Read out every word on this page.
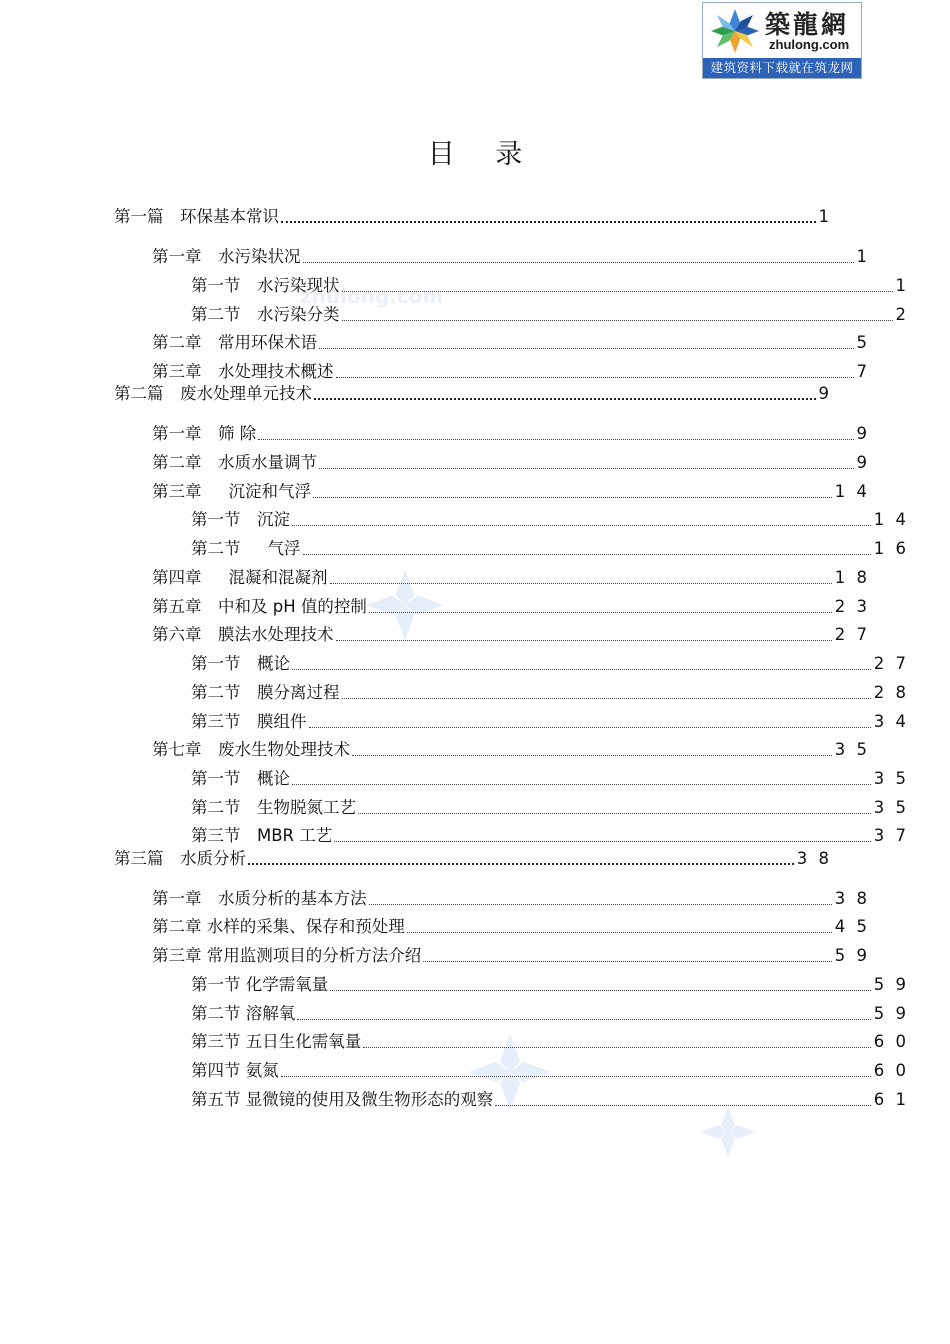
築龍網
zhulong.com
建筑资料下载就在筑龙网
zhulong.com
目 录
第一篇　环保基本常识	1
第一章　水污染状况	1
第一节　水污染现状	1
第二节　水污染分类	2
第二章　常用环保术语	5
第三章　水处理技术概述	7
第二篇　废水处理单元技术	9
第一章　筛 除	9
第二章　水质水量调节	9
第三章　  沉淀和气浮	1 4
第一节　沉淀	1 4
第二节　  气浮	1 6
第四章　  混凝和混凝剂	1 8
第五章　中和及 pH 值的控制	2 3
第六章　膜法水处理技术	2 7
第一节　概论	2 7
第二节　膜分离过程	2 8
第三节　膜组件	3 4
第七章　废水生物处理技术	3 5
第一节　概论	3 5
第二节　生物脱氮工艺	3 5
第三节　MBR 工艺	3 7
第三篇　水质分析	3 8
第一章　水质分析的基本方法	3 8
第二章 水样的采集、保存和预处理	4 5
第三章 常用监测项目的分析方法介绍	5 9
第一节 化学需氧量	5 9
第二节 溶解氧	5 9
第三节 五日生化需氧量	6 0
第四节 氨氮	6 0
第五节 显微镜的使用及微生物形态的观察	6 1
